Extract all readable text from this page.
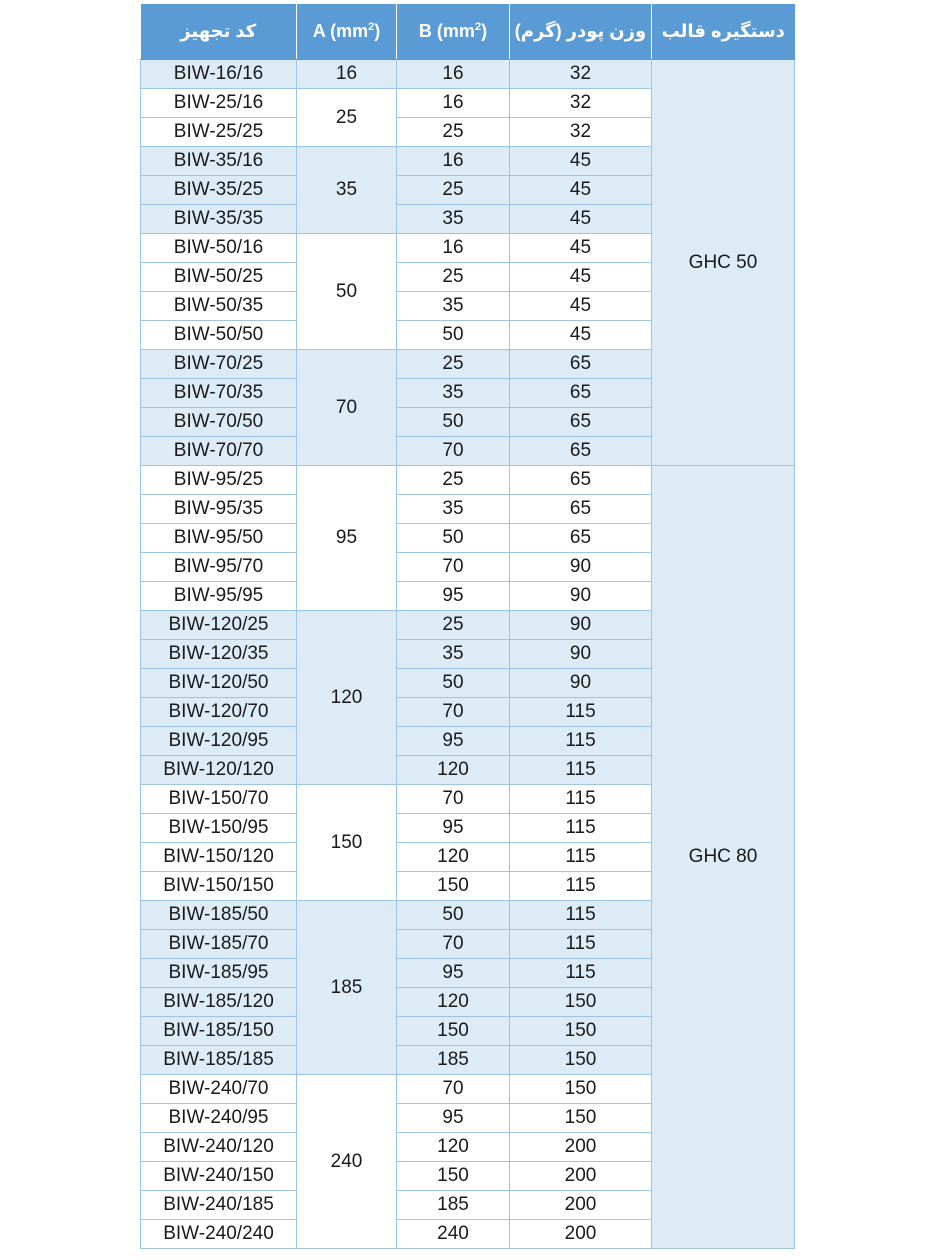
کد تجهیز	A $(mm^2)$	B $(mm^2)$	وزن پودر (گرم)	دستگیره قالب
BIW-16/16	16	16	32	GHC 50
BIW-25/16	25	16	32	
BIW-25/25		25	32	
BIW-35/16	35	16	45	
BIW-35/25		25	45	
BIW-35/35		35	45	
BIW-50/16	50	16	45	
BIW-50/25		25	45	
BIW-50/35		35	45	
BIW-50/50		50	45	
BIW-70/25	70	25	65	
BIW-70/35		35	65	
BIW-70/50		50	65	
BIW-70/70		70	65	
BIW-95/25	95	25	65	GHC 80
BIW-95/35		35	65	
BIW-95/50		50	65	
BIW-95/70		70	90	
BIW-95/95		95	90	
BIW-120/25	120	25	90	
BIW-120/35		35	90	
BIW-120/50		50	90	
BIW-120/70		70	115	
BIW-120/95		95	115	
BIW-120/120		120	115	
BIW-150/70	150	70	115	
BIW-150/95		95	115	
BIW-150/120		120	115	
BIW-150/150		150	115	
BIW-185/50	185	50	115	
BIW-185/70		70	115	
BIW-185/95		95	115	
BIW-185/120		120	150	
BIW-185/150		150	150	
BIW-185/185		185	150	
BIW-240/70	240	70	150	
BIW-240/95		95	150	
BIW-240/120		120	200	
BIW-240/150		150	200	
BIW-240/185		185	200	
BIW-240/240		240	200	
